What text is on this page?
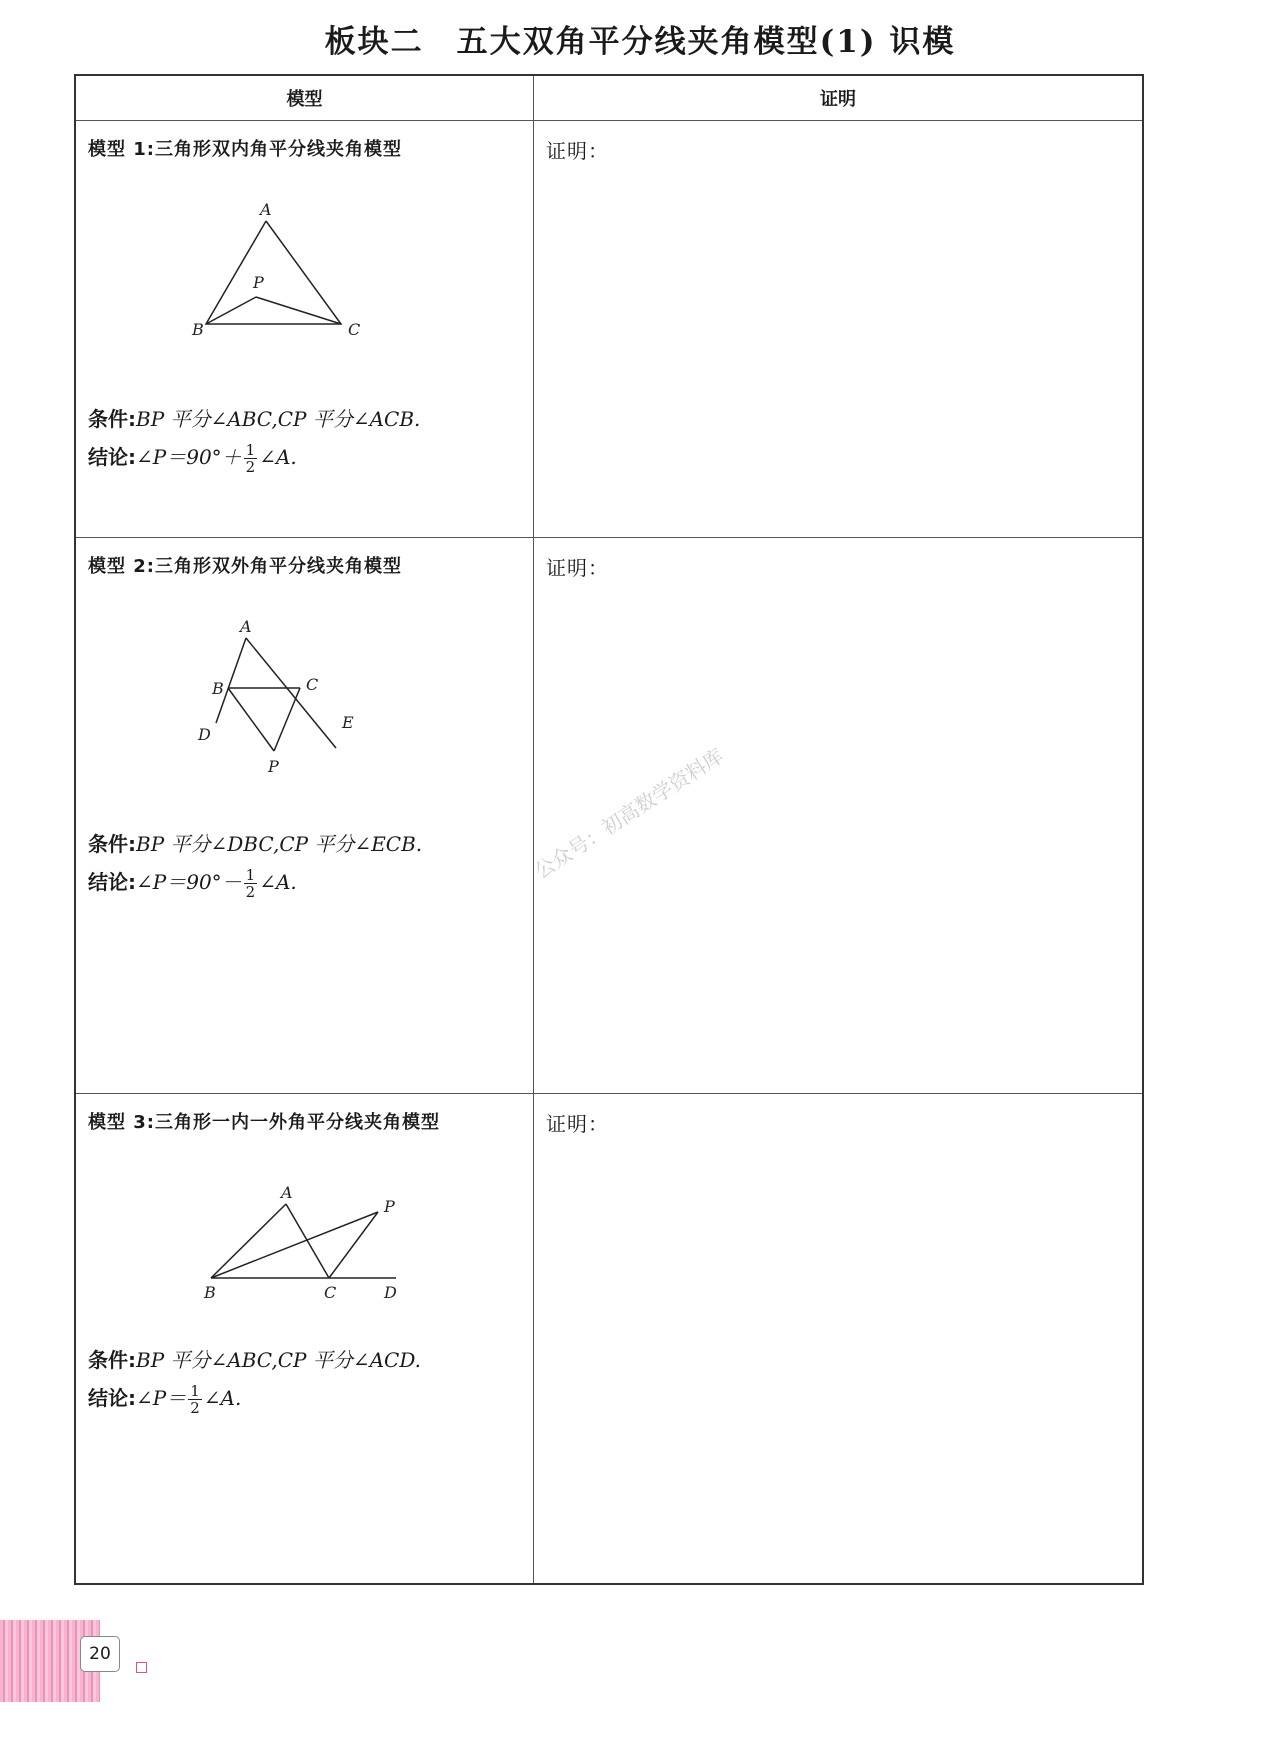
板块二　五大双角平分线夹角模型(1) 识模
模型	证明
模型 1:三角形双内角平分线夹角模型
A
P
B	C
条件:BP 平分∠ABC,CP 平分∠ACB.
结论:∠P＝90°＋ $\frac{1}{2}$ ∠A.
证明：
模型 2:三角形双外角平分线夹角模型
A
B	C
D
E
P
条件:BP 平分∠DBC,CP 平分∠ECB.
结论:∠P＝90°－ $\frac{1}{2}$ ∠A.
证明：
模型 3:三角形一内一外角平分线夹角模型
A
P
B	C	D
条件:BP 平分∠ABC,CP 平分∠ACD.
结论:∠P＝ $\frac{1}{2}$ ∠A.
证明：
公众号：初高数学资料库
20
